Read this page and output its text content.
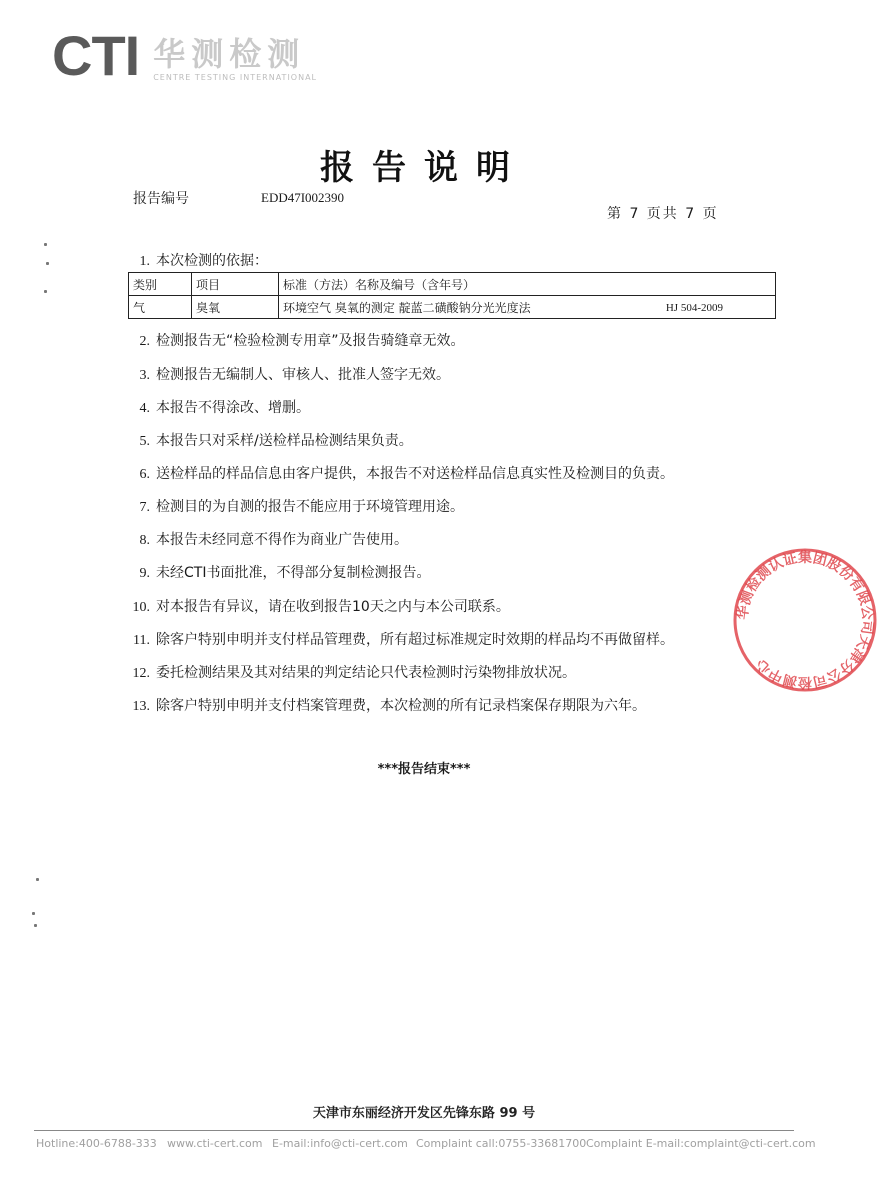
CTI 华测检测
CENTRE TESTING INTERNATIONAL
报告说明
报告编号	EDD47I002390
第 7 页共 7 页
1. 本次检测的依据：
类别	项目	标准（方法）名称及编号（含年号）
气	臭氧	环境空气 臭氧的测定 靛蓝二磺酸钠分光光度法 HJ 504-2009
2. 检测报告无“检验检测专用章”及报告骑缝章无效。
3. 检测报告无编制人、审核人、批准人签字无效。
4. 本报告不得涂改、增删。
5. 本报告只对采样/送检样品检测结果负责。
6. 送检样品的样品信息由客户提供，本报告不对送检样品信息真实性及检测目的负责。
7. 检测目的为自测的报告不能应用于环境管理用途。
8. 本报告未经同意不得作为商业广告使用。
9. 未经CTI书面批准，不得部分复制检测报告。
10. 对本报告有异议，请在收到报告10天之内与本公司联系。
11. 除客户特别申明并支付样品管理费，所有超过标准规定时效期的样品均不再做留样。
12. 委托检测结果及其对结果的判定结论只代表检测时污染物排放状况。
13. 除客户特别申明并支付档案管理费，本次检测的所有记录档案保存期限为六年。
***报告结束***
华测检测认证集团股份有限公司天津分公司检测中心
天津市东丽经济开发区先锋东路 99 号
Hotline:400-6788-333 www.cti-cert.com E-mail:info@cti-cert.com Complaint call:0755-33681700 Complaint E-mail:complaint@cti-cert.com
